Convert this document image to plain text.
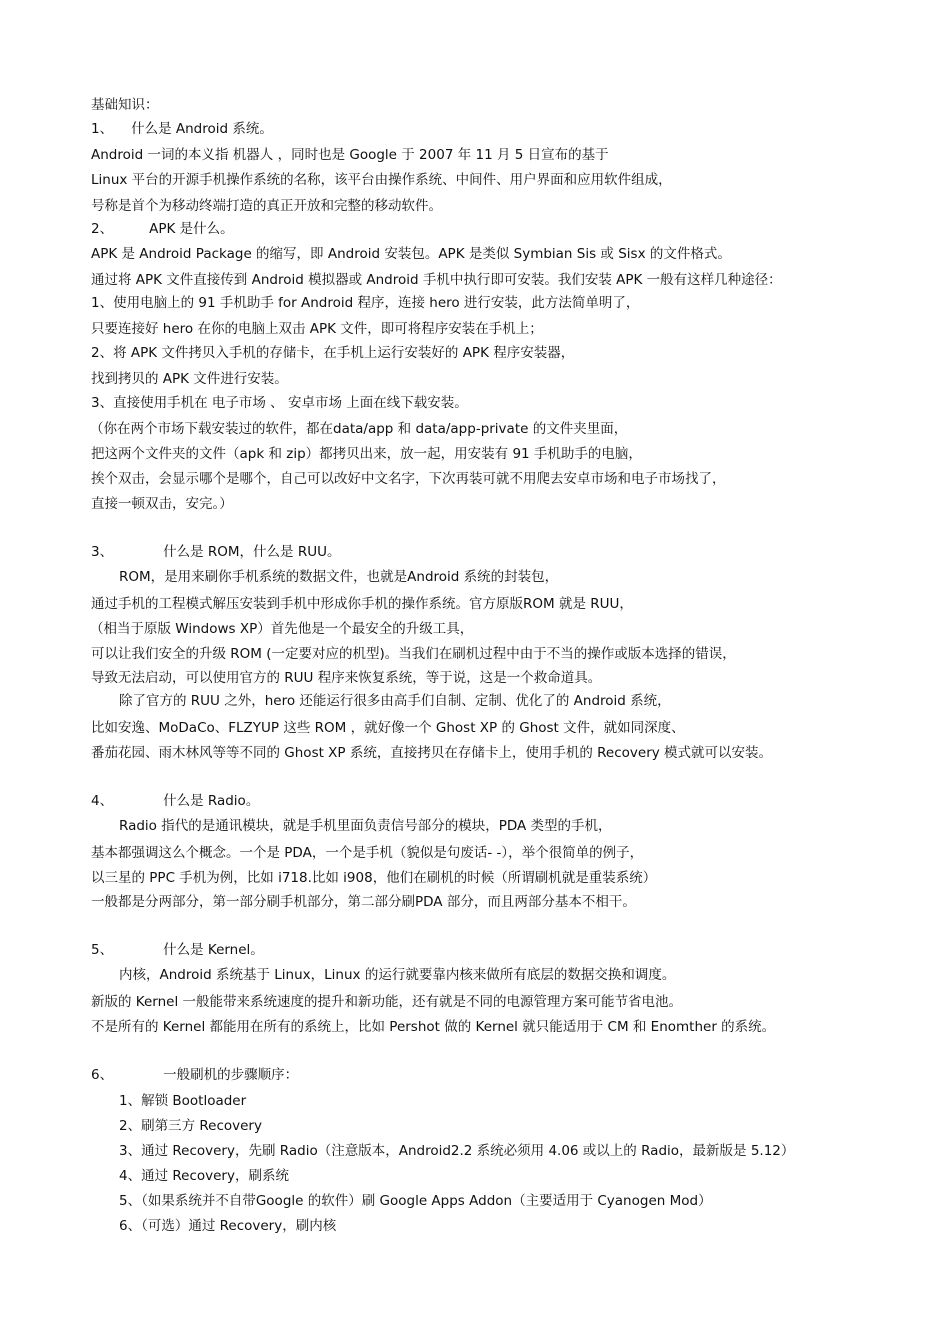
基础知识：
1、 什么是 Android 系统。
Android 一词的本义指 机器人 ，同时也是 Google 于 2007 年 11 月 5 日宣布的基于
Linux 平台的开源手机操作系统的名称，该平台由操作系统、中间件、用户界面和应用软件组成，
号称是首个为移动终端打造的真正开放和完整的移动软件。
2、	APK 是什么。
APK 是 Android Package 的缩写，即 Android 安装包。APK 是类似 Symbian Sis 或 Sisx 的文件格式。
通过将 APK 文件直接传到 Android 模拟器或 Android 手机中执行即可安装。我们安装 APK 一般有这样几种途径：
1、使用电脑上的 91 手机助手 for Android 程序，连接 hero 进行安装，此方法简单明了，
只要连接好 hero 在你的电脑上双击 APK 文件，即可将程序安装在手机上；
2、将 APK 文件拷贝入手机的存储卡，在手机上运行安装好的 APK 程序安装器，
找到拷贝的 APK 文件进行安装。
3、直接使用手机在 电子市场 、 安卓市场 上面在线下载安装。
（你在两个市场下载安装过的软件，都在data/app 和 data/app-private 的文件夹里面，
把这两个文件夹的文件（apk 和 zip）都拷贝出来，放一起，用安装有 91 手机助手的电脑，
挨个双击，会显示哪个是哪个，自己可以改好中文名字，下次再装可就不用爬去安卓市场和电子市场找了，
直接一顿双击，安完。）
3、	什么是 ROM，什么是 RUU。
ROM，是用来刷你手机系统的数据文件，也就是Android 系统的封装包，
通过手机的工程模式解压安装到手机中形成你手机的操作系统。官方原版ROM 就是 RUU，
（相当于原版 Windows XP）首先他是一个最安全的升级工具，
可以让我们安全的升级 ROM (一定要对应的机型)。当我们在刷机过程中由于不当的操作或版本选择的错误，
导致无法启动，可以使用官方的 RUU 程序来恢复系统，等于说，这是一个救命道具。
除了官方的 RUU 之外，hero 还能运行很多由高手们自制、定制、优化了的 Android 系统，
比如安逸、MoDaCo、FLZYUP 这些 ROM ，就好像一个 Ghost XP 的 Ghost 文件，就如同深度、
番茄花园、雨木林风等等不同的 Ghost XP 系统，直接拷贝在存储卡上，使用手机的 Recovery 模式就可以安装。
4、	什么是 Radio。
Radio 指代的是通讯模块，就是手机里面负责信号部分的模块，PDA 类型的手机，
基本都强调这么个概念。一个是 PDA，一个是手机（貌似是句废话- -），举个很简单的例子，
以三星的 PPC 手机为例，比如 i718.比如 i908，他们在刷机的时候（所谓刷机就是重装系统）
一般都是分两部分，第一部分刷手机部分，第二部分刷PDA 部分，而且两部分基本不相干。
5、	什么是 Kernel。
内核，Android 系统基于 Linux，Linux 的运行就要靠内核来做所有底层的数据交换和调度。
新版的 Kernel 一般能带来系统速度的提升和新功能，还有就是不同的电源管理方案可能节省电池。
不是所有的 Kernel 都能用在所有的系统上，比如 Pershot 做的 Kernel 就只能适用于 CM 和 Enomther 的系统。
6、	一般刷机的步骤顺序：
1、解锁 Bootloader
2、刷第三方 Recovery
3、通过 Recovery，先刷 Radio（注意版本，Android2.2 系统必须用 4.06 或以上的 Radio，最新版是 5.12）
4、通过 Recovery，刷系统
5、（如果系统并不自带Google 的软件）刷 Google Apps Addon（主要适用于 Cyanogen Mod）
6、（可选）通过 Recovery，刷内核
